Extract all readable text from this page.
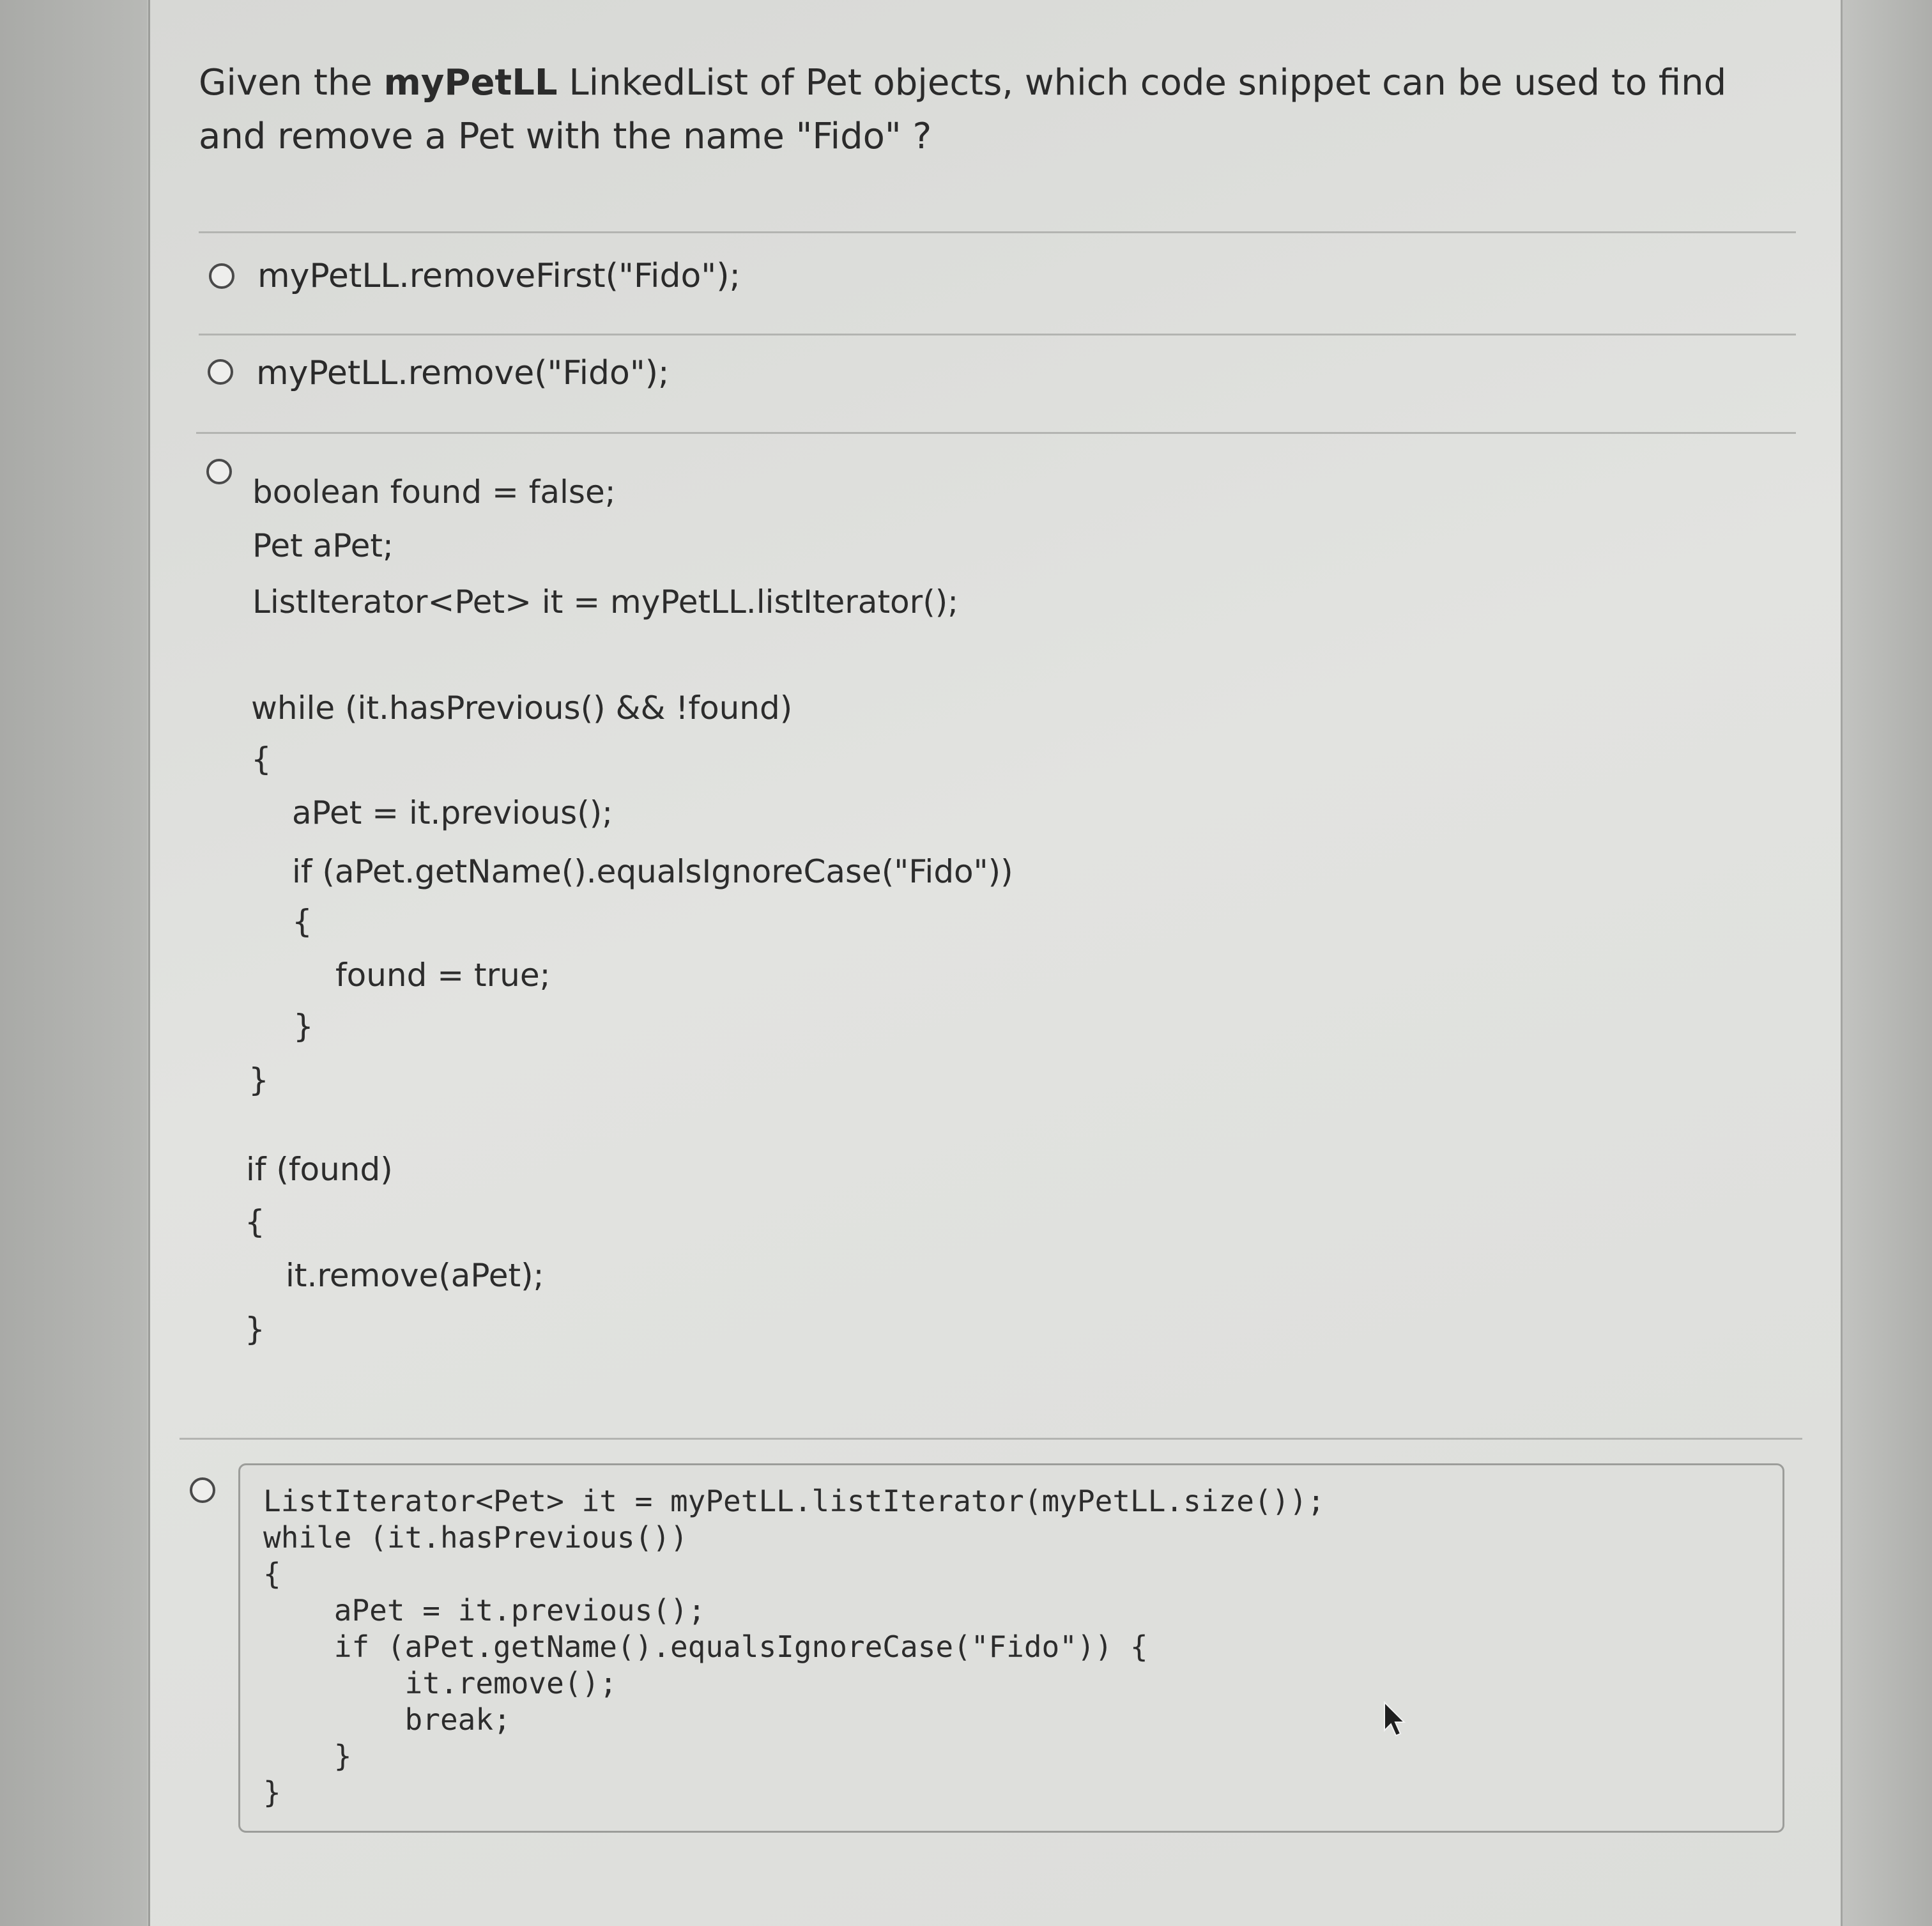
Given the myPetLL LinkedList of Pet objects, which code snippet can be used to find and remove a Pet with the name "Fido" ?

myPetLL.removeFirst("Fido");
myPetLL.remove("Fido");
boolean found = false;
Pet aPet;
ListIterator<Pet> it = myPetLL.listIterator();
while (it.hasPrevious() && !found)
{
aPet = it.previous();
if (aPet.getName().equalsIgnoreCase("Fido"))
{
found = true;
}
}
if (found)
{
it.remove(aPet);
}
ListIterator<Pet> it = myPetLL.listIterator(myPetLL.size());
while (it.hasPrevious())
{
aPet = it.previous();
if (aPet.getName().equalsIgnoreCase("Fido")) {
it.remove();
break;
}
}
